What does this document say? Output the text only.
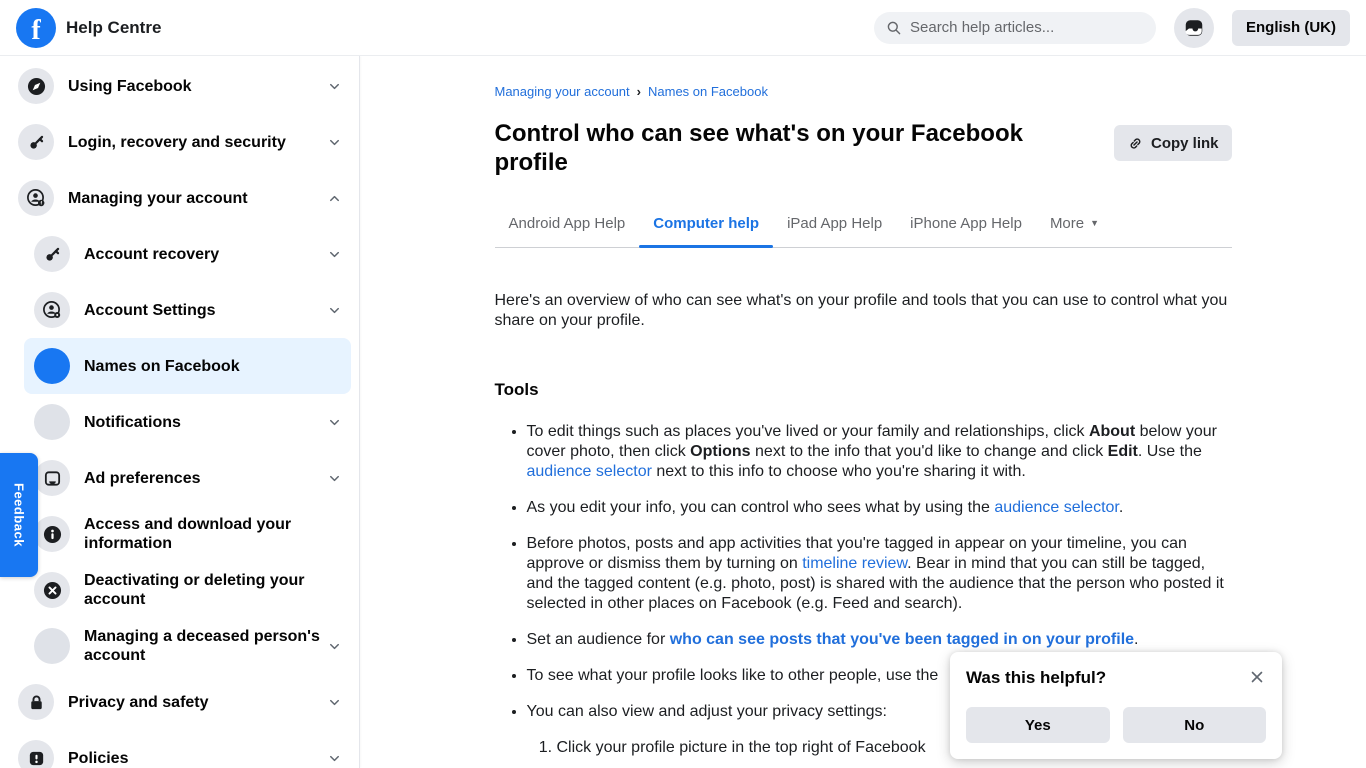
f	Help Centre
Search help articles...	English (UK)
Using Facebook
Login, recovery and security
f Managing your account
Account recovery
Account Settings
Names on Facebook
Notifications
Ad preferences
Access and download your information
Deactivating or deleting your account
Managing a deceased person's account
Privacy and safety
Policies
Feedback
Managing your account › Names on Facebook
Control who can see what's on your Facebook profile
Copy link
Android App Help Computer help iPad App Help iPhone App Help More ▼

Here's an overview of who can see what's on your profile and tools that you can use to control what you share on your profile.

Tools
• To edit things such as places you've lived or your family and relationships, click About below your cover photo, then click Options next to the info that you'd like to change and click Edit. Use the audience selector next to this info to choose who you're sharing it with.
• As you edit your info, you can control who sees what by using the audience selector.
• Before photos, posts and app activities that you're tagged in appear on your timeline, you can approve or dismiss them by turning on timeline review. Bear in mind that you can still be tagged, and the tagged content (e.g. photo, post) is shared with the audience that the person who posted it selected in other places on Facebook (e.g. Feed and search).
• Set an audience for who can see posts that you've been tagged in on your profile.
• To see what your profile looks like to other people, use the
• You can also view and adjust your privacy settings:
1. Click your profile picture in the top right of Facebook
Was this helpful?
Yes	No
